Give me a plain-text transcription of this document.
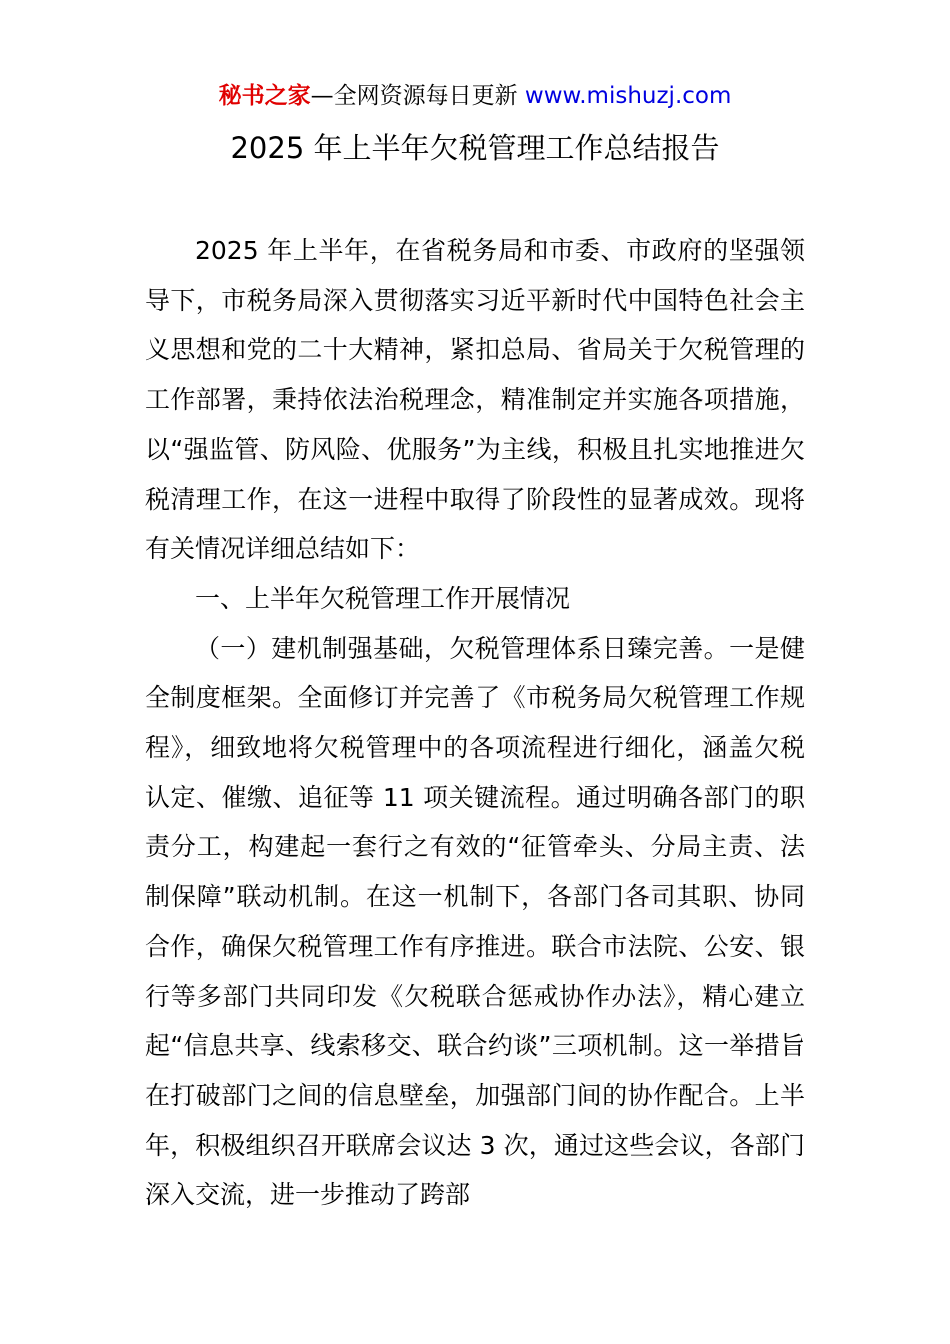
秘书之家—全网资源每日更新 www.mishuzj.com
2025 年上半年欠税管理工作总结报告

2025 年上半年，在省税务局和市委、市政府的坚强领导下，市税务局深入贯彻落实习近平新时代中国特色社会主义思想和党的二十大精神，紧扣总局、省局关于欠税管理的工作部署，秉持依法治税理念，精准制定并实施各项措施，以“强监管、防风险、优服务”为主线，积极且扎实地推进欠税清理工作，在这一进程中取得了阶段性的显著成效。现将有关情况详细总结如下：

一、上半年欠税管理工作开展情况

（一）建机制强基础，欠税管理体系日臻完善。一是健全制度框架。全面修订并完善了《市税务局欠税管理工作规程》，细致地将欠税管理中的各项流程进行细化，涵盖欠税认定、催缴、追征等 11 项关键流程。通过明确各部门的职责分工，构建起一套行之有效的“征管牵头、分局主责、法制保障”联动机制。在这一机制下，各部门各司其职、协同合作，确保欠税管理工作有序推进。联合市法院、公安、银行等多部门共同印发《欠税联合惩戒协作办法》，精心建立起“信息共享、线索移交、联合约谈”三项机制。这一举措旨在打破部门之间的信息壁垒，加强部门间的协作配合。上半年，积极组织召开联席会议达 3 次，通过这些会议，各部门深入交流，进一步推动了跨部
